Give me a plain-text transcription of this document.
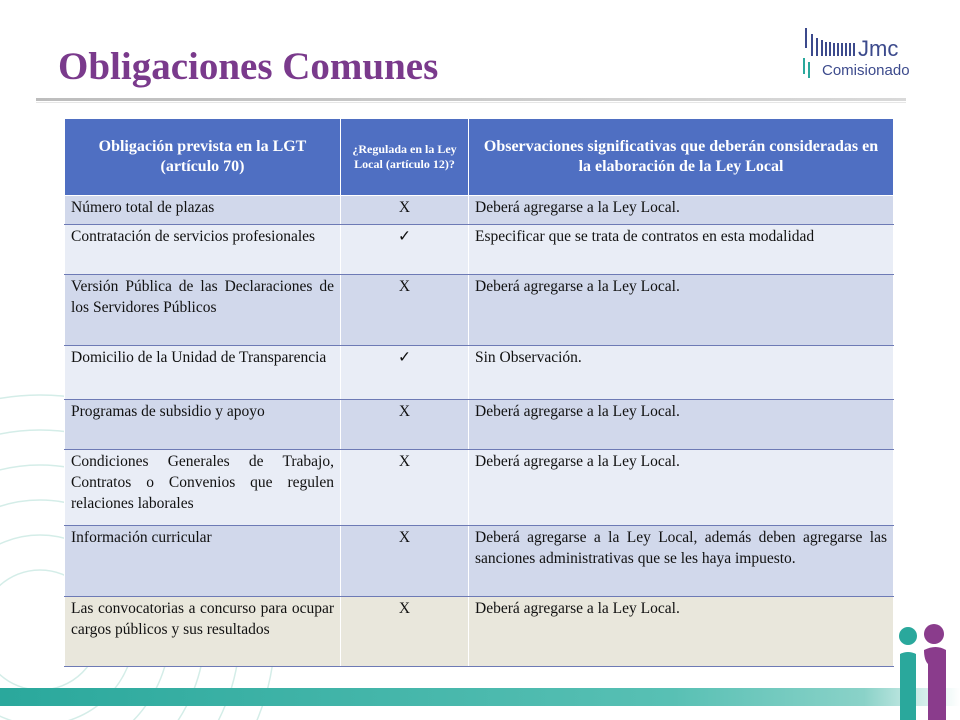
Obligaciones Comunes	Jmc
Comisionado
Obligación prevista en la LGT (artículo 70)	¿Regulada en la Ley Local (artículo 12)?	Observaciones significativas que deberán consideradas en la elaboración de la Ley Local
Número total de plazas	X	Deberá agregarse a la Ley Local.
Contratación de servicios profesionales	✓	Especificar que se trata de contratos en esta modalidad
Versión Pública de las Declaraciones de los Servidores Públicos	X	Deberá agregarse a la Ley Local.
Domicilio de la Unidad de Transparencia	✓	Sin Observación.
Programas de subsidio y apoyo	X	Deberá agregarse a la Ley Local.
Condiciones Generales de Trabajo, Contratos o Convenios que regulen relaciones laborales	X	Deberá agregarse a la Ley Local.
Información curricular	X	Deberá agregarse a la Ley Local, además deben agregarse las sanciones administrativas que se les haya impuesto.
Las convocatorias a concurso para ocupar cargos públicos y sus resultados	X	Deberá agregarse a la Ley Local.
